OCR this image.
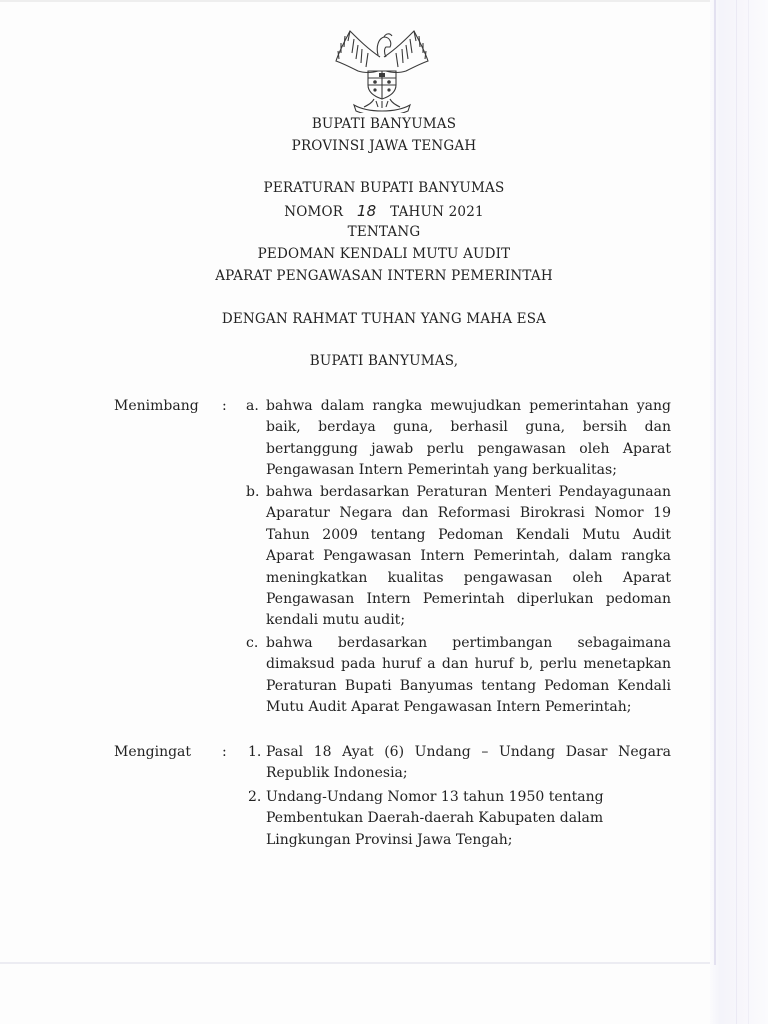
BUPATI BANYUMAS
PROVINSI JAWA TENGAH
PERATURAN BUPATI BANYUMAS
NOMOR 18 TAHUN 2021
TENTANG
PEDOMAN KENDALI MUTU AUDIT
APARAT PENGAWASAN INTERN PEMERINTAH
DENGAN RAHMAT TUHAN YANG MAHA ESA
BUPATI BANYUMAS,
Menimbang : a. bahwa dalam rangka mewujudkan pemerintahan yang baik, berdaya guna, berhasil guna, bersih dan bertanggung jawab perlu pengawasan oleh Aparat Pengawasan Intern Pemerintah yang berkualitas;
b. bahwa berdasarkan Peraturan Menteri Pendayagunaan Aparatur Negara dan Reformasi Birokrasi Nomor 19 Tahun 2009 tentang Pedoman Kendali Mutu Audit Aparat Pengawasan Intern Pemerintah, dalam rangka meningkatkan kualitas pengawasan oleh Aparat Pengawasan Intern Pemerintah diperlukan pedoman kendali mutu audit;
c. bahwa berdasarkan pertimbangan sebagaimana dimaksud pada huruf a dan huruf b, perlu menetapkan Peraturan Bupati Banyumas tentang Pedoman Kendali Mutu Audit Aparat Pengawasan Intern Pemerintah;
Mengingat : 1. Pasal 18 Ayat (6) Undang – Undang Dasar Negara Republik Indonesia;
2. Undang-Undang Nomor 13 tahun 1950 tentang Pembentukan Daerah-daerah Kabupaten dalam Lingkungan Provinsi Jawa Tengah;
